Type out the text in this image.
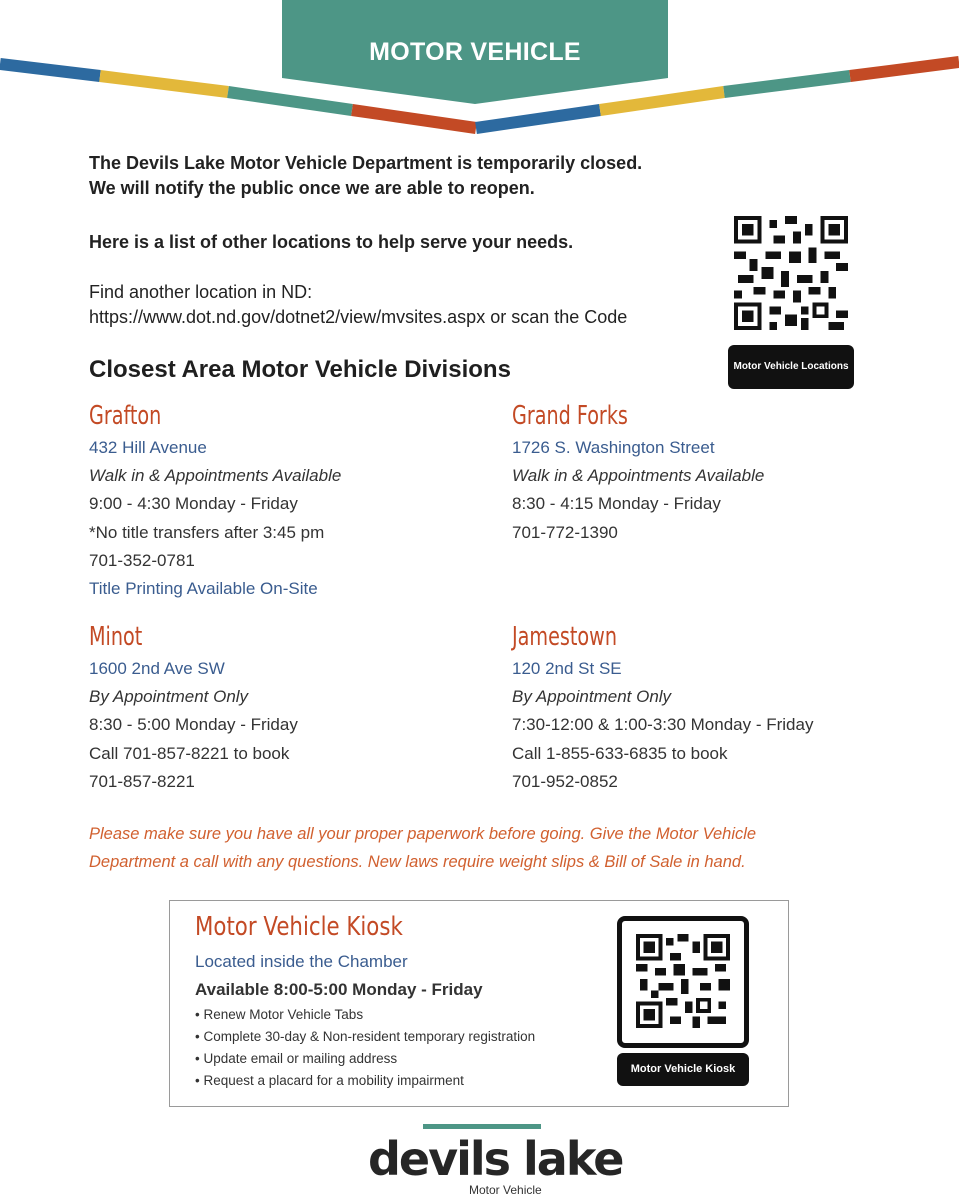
MOTOR VEHICLE
The Devils Lake Motor Vehicle Department is temporarily closed.
We will notify the public once we are able to reopen.
Here is a list of other locations to help serve your needs.
Find another location in ND:
https://www.dot.nd.gov/dotnet2/view/mvsites.aspx or scan the Code
Motor Vehicle Locations
Closest Area Motor Vehicle Divisions
Grafton
432 Hill Avenue
Walk in & Appointments Available
9:00 - 4:30 Monday - Friday
*No title transfers after 3:45 pm
701-352-0781
Title Printing Available On-Site
Grand Forks
1726 S. Washington Street
Walk in & Appointments Available
8:30 - 4:15 Monday - Friday
701-772-1390
Minot
1600 2nd Ave SW
By Appointment Only
8:30 - 5:00 Monday - Friday
Call 701-857-8221 to book
701-857-8221
Jamestown
120 2nd St SE
By Appointment Only
7:30-12:00 & 1:00-3:30 Monday - Friday
Call 1-855-633-6835 to book
701-952-0852
Please make sure you have all your proper paperwork before going. Give the Motor Vehicle
Department a call with any questions. New laws require weight slips & Bill of Sale in hand.
Motor Vehicle Kiosk
Located inside the Chamber
Available 8:00-5:00 Monday - Friday
• Renew Motor Vehicle Tabs
• Complete 30-day & Non-resident temporary registration
• Update email or mailing address
• Request a placard for a mobility impairment
Motor Vehicle Kiosk
devils lake
Motor Vehicle
